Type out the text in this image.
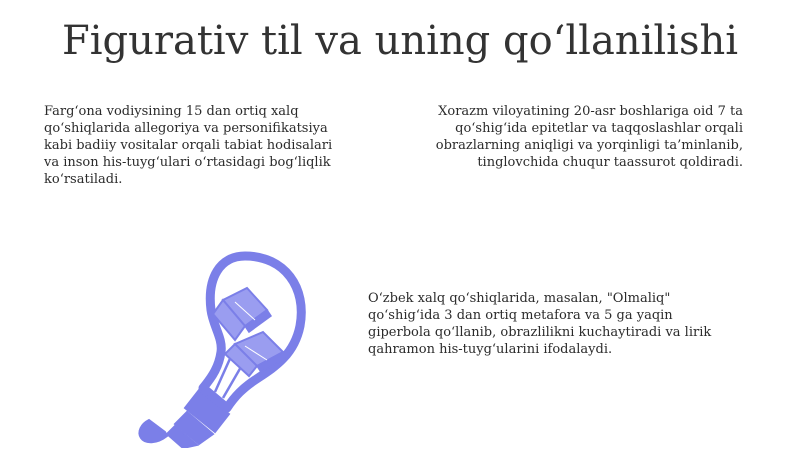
Figurativ til va uning qo‘llanilishi

Farg‘ona vodiysining 15 dan ortiq xalq qo‘shiqlarida allegoriya va personifikatsiya kabi badiiy vositalar orqali tabiat hodisalari va inson his-tuyg‘ulari o‘rtasidagi bog‘liqlik ko‘rsatiladi.

Xorazm viloyatining 20-asr boshlariga oid 7 ta qo‘shig‘ida epitetlar va taqqoslashlar orqali obrazlarning aniqligi va yorqinligi ta’minlanib, tinglovchida chuqur taassurot qoldiradi.

O‘zbek xalq qo‘shiqlarida, masalan, "Olmaliq" qo‘shig‘ida 3 dan ortiq metafora va 5 ga yaqin giperbola qo‘llanib, obrazlilikni kuchaytiradi va lirik qahramon his-tuyg‘ularini ifodalaydi.
